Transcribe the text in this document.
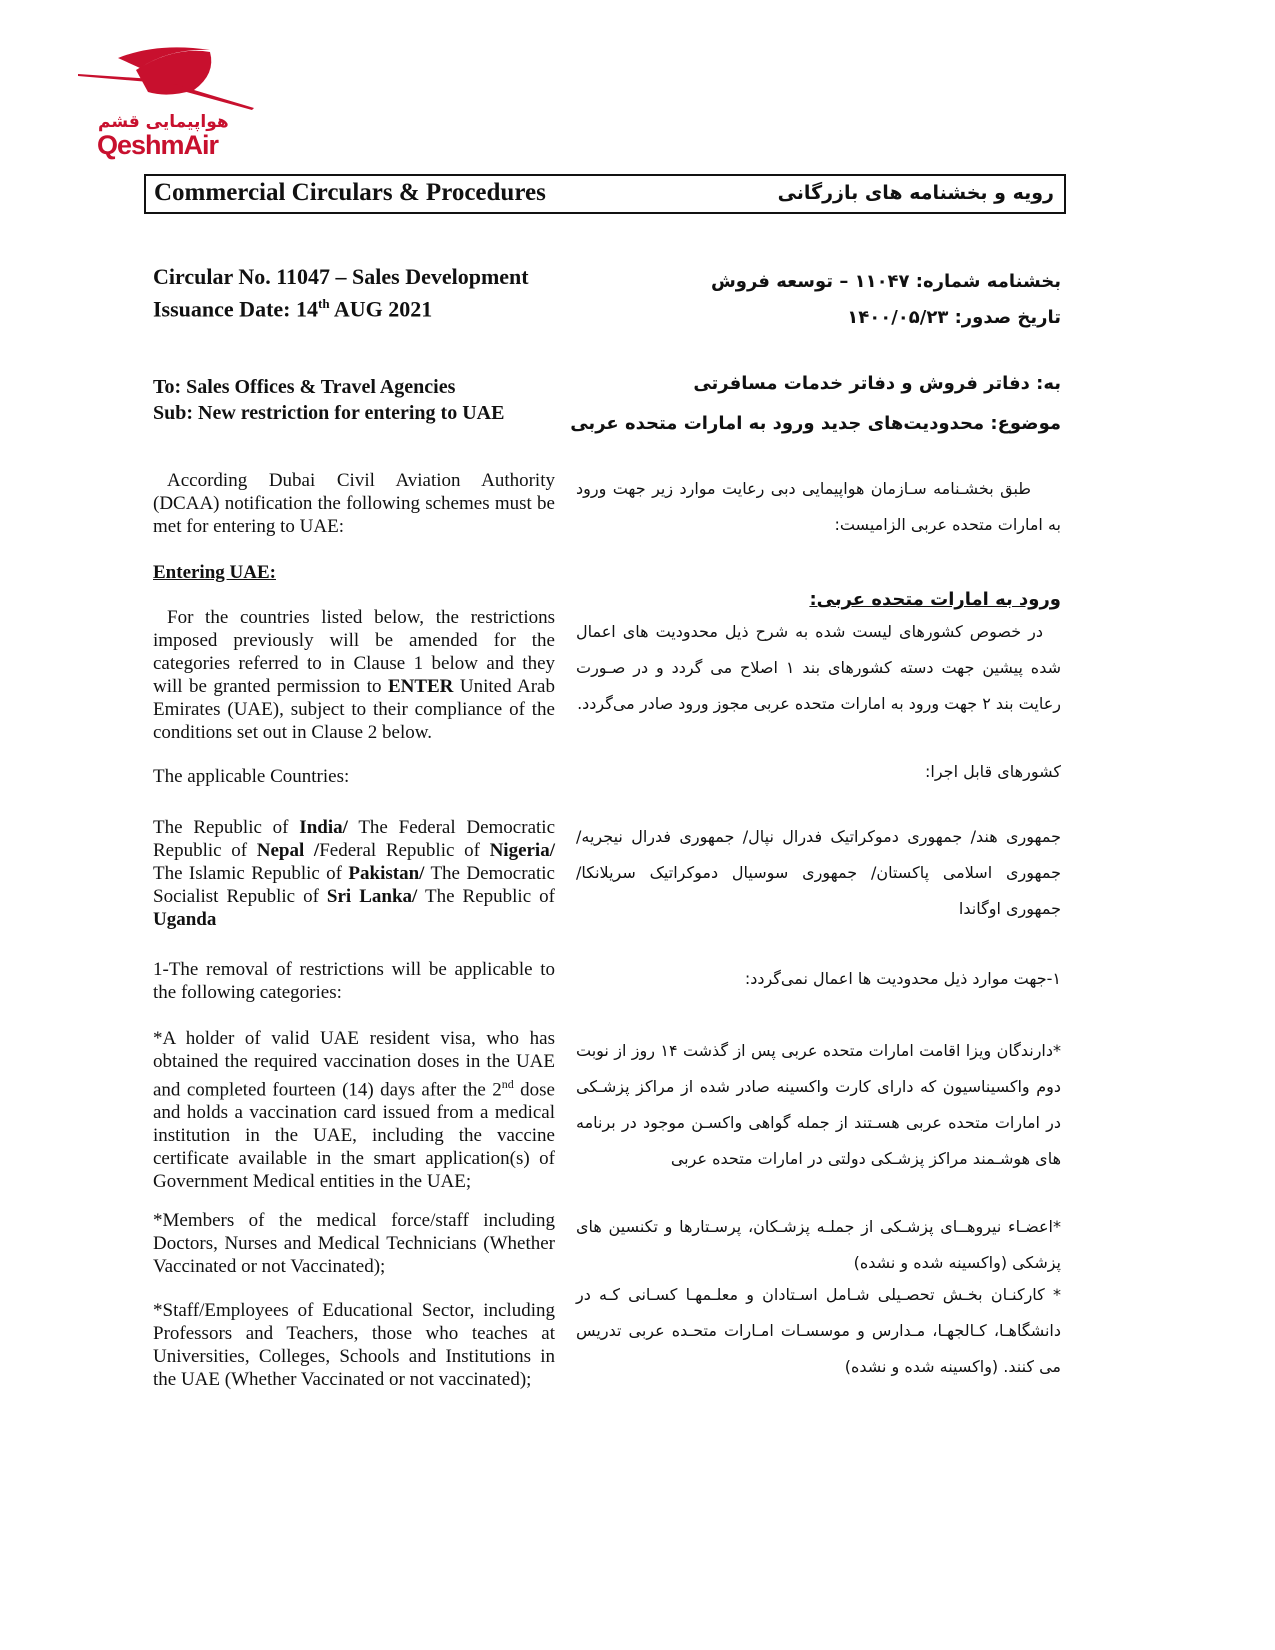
هواپیمایی قشم
QeshmAir
Commercial Circulars & Procedures	رویه و بخشنامه های بازرگانی
Circular No. 11047 – Sales Development
Issuance Date: 14th AUG 2021
بخشنامه شماره: ۱۱۰۴۷ – توسعه فروش
تاریخ صدور: ۱۴۰۰/۰۵/۲۳
To: Sales Offices & Travel Agencies
Sub: New restriction for entering to UAE
به: دفاتر فروش و دفاتر خدمات مسافرتی
موضوع: محدودیت‌های جدید ورود به امارات متحده عربی
According Dubai Civil Aviation Authority (DCAA) notification the following schemes must be met for entering to UAE:
طبق بخشـنامه سـازمان هواپیمایی دبی رعایت موارد زیر جهت ورود به امارات متحده عربی الزامیست:
Entering UAE:
ورود به امارات متحده عربی:
For the countries listed below, the restrictions imposed previously will be amended for the categories referred to in Clause 1 below and they will be granted permission to ENTER United Arab Emirates (UAE), subject to their compliance of the conditions set out in Clause 2 below.
در خصوص کشورهای لیست شده به شرح ذیل محدودیت های اعمال شده پیشین جهت دسته کشورهای بند ۱ اصلاح می گردد و در صـورت رعایت بند ۲ جهت ورود به امارات متحده عربی مجوز ورود صادر می‌گردد.
The applicable Countries:	کشورهای قابل اجرا:
The Republic of India/ The Federal Democratic Republic of Nepal /Federal Republic of Nigeria/ The Islamic Republic of Pakistan/ The Democratic Socialist Republic of Sri Lanka/ The Republic of Uganda
جمهوری هند/ جمهوری دموکراتیک فدرال نپال/ جمهوری فدرال نیجریه/ جمهوری اسلامی پاکستان/ جمهوری سوسیال دموکراتیک سریلانکا/ جمهوری اوگاندا
1-The removal of restrictions will be applicable to the following categories:
۱-جهت موارد ذیل محدودیت ها اعمال نمی‌گردد:
*A holder of valid UAE resident visa, who has obtained the required vaccination doses in the UAE and completed fourteen (14) days after the 2nd dose and holds a vaccination card issued from a medical institution in the UAE, including the vaccine certificate available in the smart application(s) of Government Medical entities in the UAE;
*Members of the medical force/staff including Doctors, Nurses and Medical Technicians (Whether Vaccinated or not Vaccinated);
*Staff/Employees of Educational Sector, including Professors and Teachers, those who teaches at Universities, Colleges, Schools and Institutions in the UAE (Whether Vaccinated or not vaccinated);
*دارندگان ویزا اقامت امارات متحده عربی پس از گذشت ۱۴ روز از نوبت دوم واکسیناسیون که دارای کارت واکسینه صادر شده از مراکز پزشـکی در امارات متحده عربی هسـتند از جمله گواهی واکسـن موجود در برنامه های هوشـمند مراکز پزشـکی دولتی در امارات متحده عربی
*اعضـاء نیروهــای پزشـکی از جملـه پزشـکان، پرسـتارها و تکنسین های پزشکی (واکسینه شده و نشده)
* کارکنـان بخـش تحصـیلی شـامل اسـتادان و معلـمهـا کسـانی کـه در دانشگاهـا، کـالجهـا، مـدارس و موسسـات امـارات متحـده عربی تدریس می کنند. (واکسینه شده و نشده)
